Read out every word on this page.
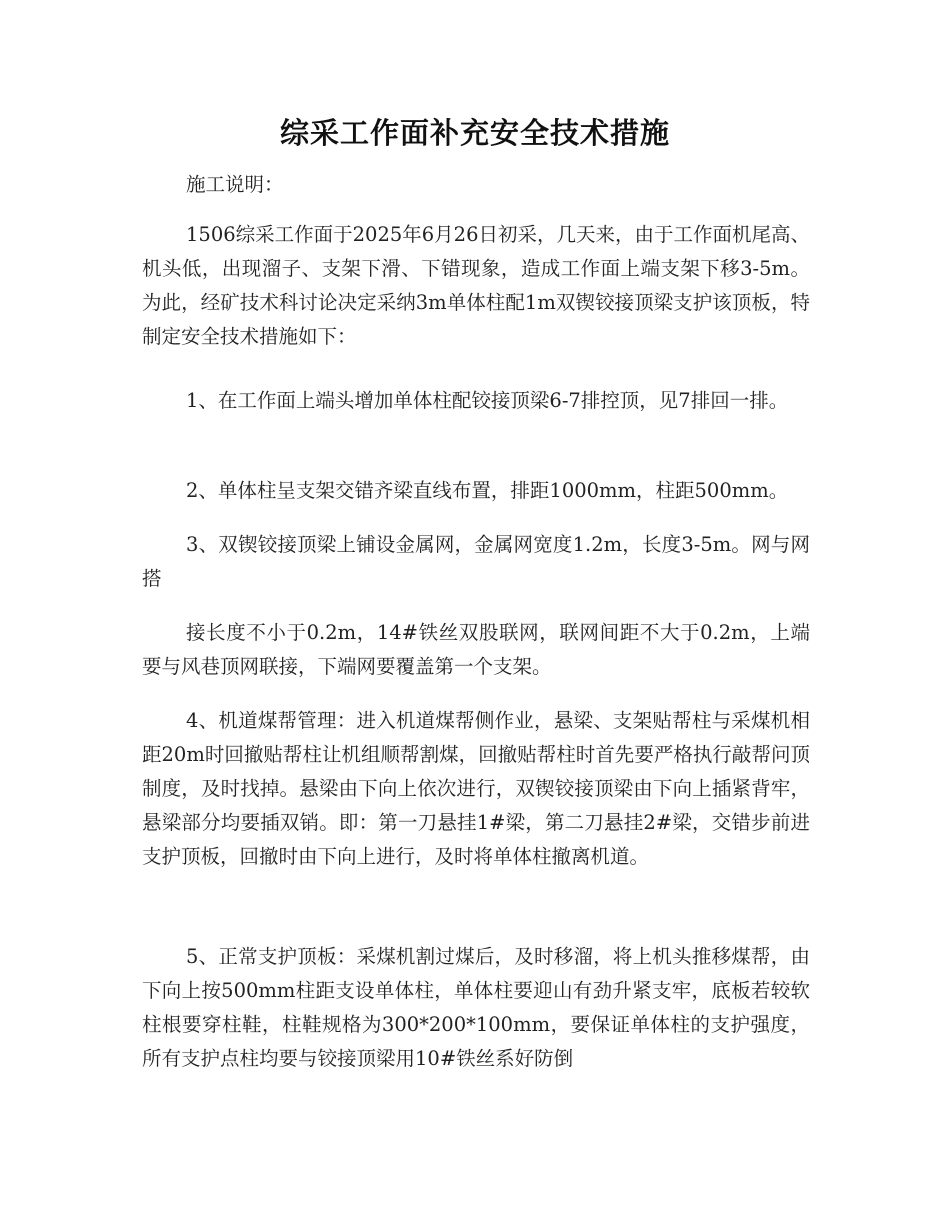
综采工作面补充安全技术措施

施工说明：

1506综采工作面于2025年6月26日初采，几天来，由于工作面机尾高、机头低，出现溜子、支架下滑、下错现象，造成工作面上端支架下移3-5m。为此，经矿技术科讨论决定采纳3m单体柱配1m双锲铰接顶梁支护该顶板，特制定安全技术措施如下：

1、在工作面上端头增加单体柱配铰接顶梁6-7排控顶，见7排回一排。

2、单体柱呈支架交错齐梁直线布置，排距1000mm，柱距500mm。

3、双锲铰接顶梁上铺设金属网，金属网宽度1.2m，长度3-5m。网与网搭

接长度不小于0.2m，14#铁丝双股联网，联网间距不大于0.2m，上端要与风巷顶网联接，下端网要覆盖第一个支架。

4、机道煤帮管理：进入机道煤帮侧作业，悬梁、支架贴帮柱与采煤机相距20m时回撤贴帮柱让机组顺帮割煤，回撤贴帮柱时首先要严格执行敲帮问顶制度，及时找掉。悬梁由下向上依次进行，双锲铰接顶梁由下向上插紧背牢，悬梁部分均要插双销。即：第一刀悬挂1#梁，第二刀悬挂2#梁，交错步前进支护顶板，回撤时由下向上进行，及时将单体柱撤离机道。

5、正常支护顶板：采煤机割过煤后，及时移溜，将上机头推移煤帮，由下向上按500mm柱距支设单体柱，单体柱要迎山有劲升紧支牢，底板若较软柱根要穿柱鞋，柱鞋规格为300*200*100mm，要保证单体柱的支护强度，所有支护点柱均要与铰接顶梁用10#铁丝系好防倒
